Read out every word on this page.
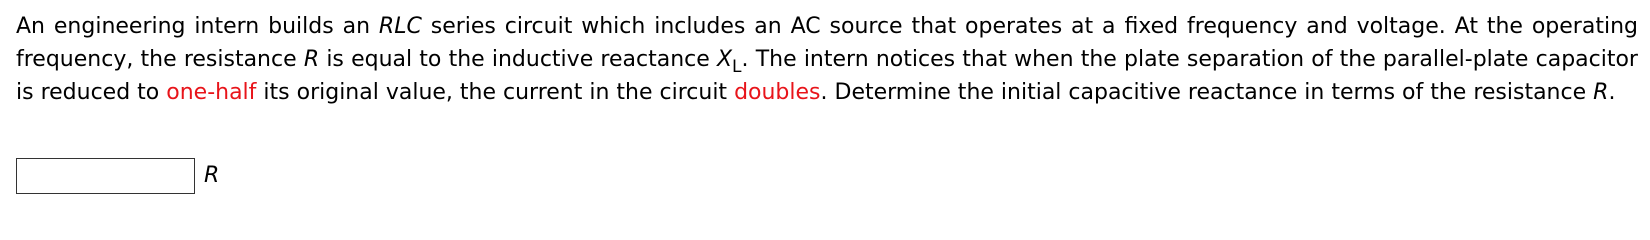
An engineering intern builds an RLC series circuit which includes an AC source that operates at a fixed frequency and voltage. At the operating frequency, the resistance R is equal to the inductive reactance $X_L$. The intern notices that when the plate separation of the parallel-plate capacitor is reduced to one-half its original value, the current in the circuit doubles. Determine the initial capacitive reactance in terms of the resistance R.

R
